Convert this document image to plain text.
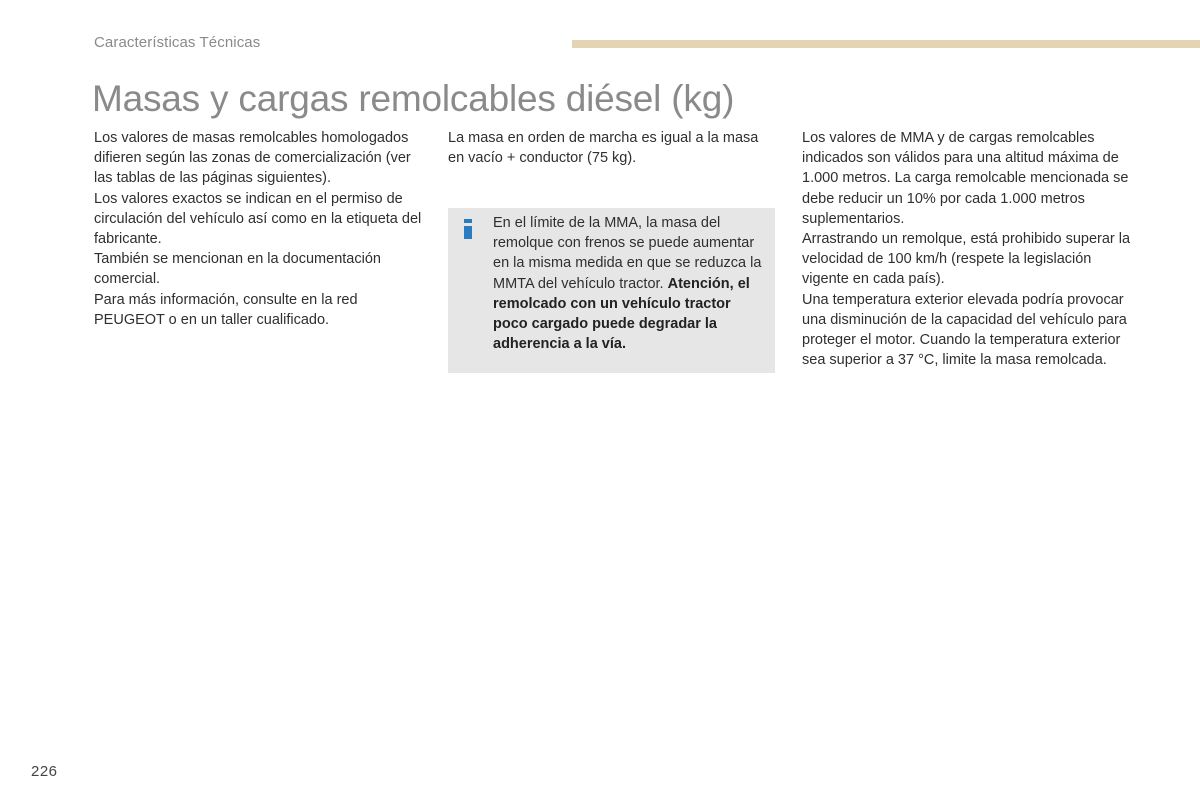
Características Técnicas
Masas y cargas remolcables diésel (kg)

Los valores de masas remolcables homologados difieren según las zonas de comercialización (ver las tablas de las páginas siguientes).

Los valores exactos se indican en el permiso de circulación del vehículo así como en la etiqueta del fabricante.

También se mencionan en la documentación comercial.

Para más información, consulte en la red PEUGEOT o en un taller cualificado.

La masa en orden de marcha es igual a la masa en vacío + conductor (75 kg).

En el límite de la MMA, la masa del remolque con frenos se puede aumentar en la misma medida en que se reduzca la MMTA del vehículo tractor. Atención, el remolcado con un vehículo tractor poco cargado puede degradar la adherencia a la vía.

Los valores de MMA y de cargas remolcables indicados son válidos para una altitud máxima de 1.000 metros. La carga remolcable mencionada se debe reducir un 10% por cada 1.000 metros suplementarios.

Arrastrando un remolque, está prohibido superar la velocidad de 100 km/h (respete la legislación vigente en cada país).

Una temperatura exterior elevada podría provocar una disminución de la capacidad del vehículo para proteger el motor. Cuando la temperatura exterior sea superior a 37 °C, limite la masa remolcada.

226
